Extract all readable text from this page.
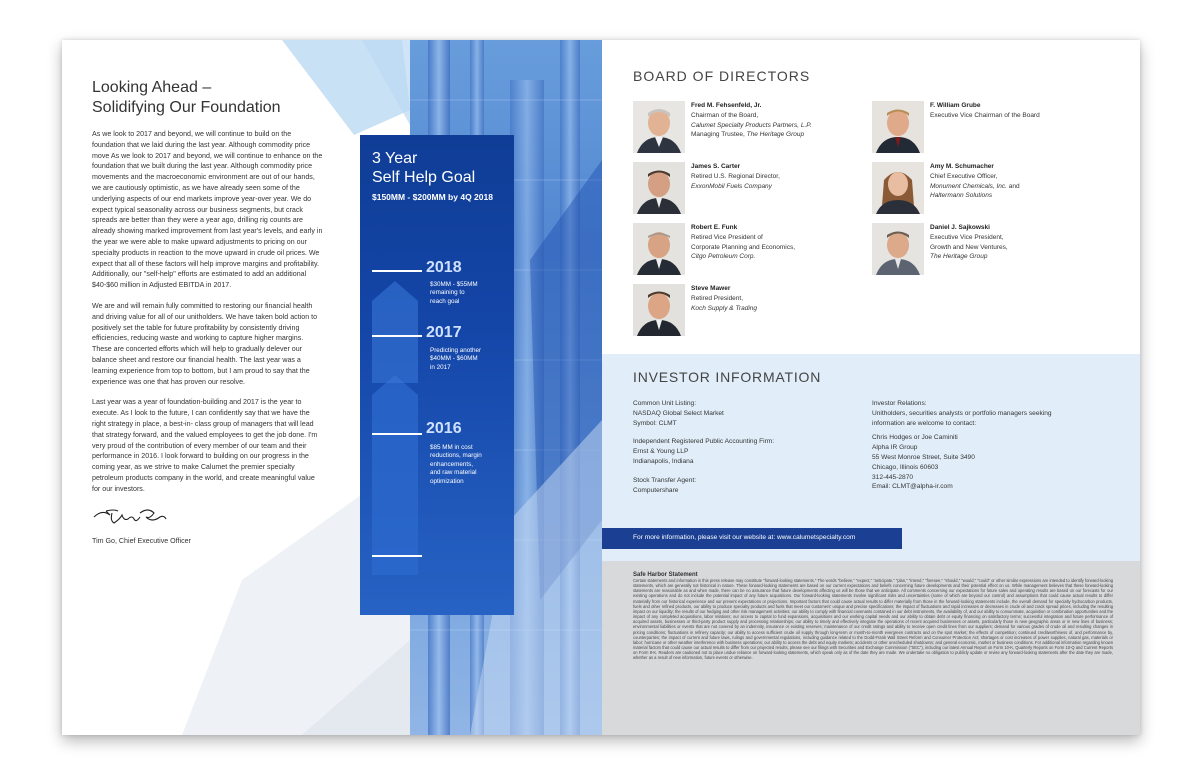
Looking Ahead –
Solidifying Our Foundation

As we look to 2017 and beyond, we will continue to build on the foundation that we laid during the last year. Although commodity price move As we look to 2017 and beyond, we will continue to enhance on the foundation that we built during the last year. Although commodity price movements and the macroeconomic environment are out of our hands, we are cautiously optimistic, as we have already seen some of the underlying aspects of our end markets improve year-over year. We do expect typical seasonality across our business segments, but crack spreads are better than they were a year ago, drilling rig counts are already showing marked improvement from last year's levels, and early in the year we were able to make upward adjustments to pricing on our specialty products in reaction to the move upward in crude oil prices. We expect that all of these factors will help improve margins and profitability. Additionally, our "self-help" efforts are estimated to add an additional $40-$60 million in Adjusted EBITDA in 2017.

We are and will remain fully committed to restoring our financial health and driving value for all of our unitholders. We have taken bold action to positively set the table for future profitability by consistently driving efficiencies, reducing waste and working to capture higher margins. These are concerted efforts which will help to gradually delever our balance sheet and restore our financial health. The last year was a learning experience from top to bottom, but I am proud to say that the experience was one that has proven our resolve.

Last year was a year of foundation-building and 2017 is the year to execute. As I look to the future, I can confidently say that we have the right strategy in place, a best-in- class group of managers that will lead that strategy forward, and the valued employees to get the job done. I'm very proud of the contribution of every member of our team and their performance in 2016. I look forward to building on our progress in the coming year, as we strive to make Calumet the premier specialty petroleum products company in the world, and create meaningful value for our investors.

Tim Go, Chief Executive Officer
3 Year
Self Help Goal
$150MM - $200MM by 4Q 2018
2018
$30MM - $55MM
remaining to
reach goal
2017
Predicting another
$40MM - $60MM
in 2017
2016
$85 MM in cost
reductions, margin
enhancements,
and raw material
optimization
BOARD OF DIRECTORS
Fred M. Fehsenfeld, Jr.
Chairman of the Board,
Calumet Specialty Products Partners, L.P.
Managing Trustee, The Heritage Group
F. William Grube
Executive Vice Chairman of the Board
James S. Carter
Retired U.S. Regional Director,
ExxonMobil Fuels Company
Amy M. Schumacher
Chief Executive Officer,
Monument Chemicals, Inc. and
Haltermann Solutions
Robert E. Funk
Retired Vice President of
Corporate Planning and Economics,
Citgo Petroleum Corp.
Daniel J. Sajkowski
Executive Vice President,
Growth and New Ventures,
The Heritage Group
Steve Mawer
Retired President,
Koch Supply & Trading
INVESTOR INFORMATION
Common Unit Listing:
NASDAQ Global Select Market
Symbol: CLMT
Independent Registered Public Accounting Firm:
Ernst & Young LLP
Indianapolis, Indiana
Stock Transfer Agent:
Computershare
Investor Relations:
Unitholders, securities analysts or portfolio managers seeking
information are welcome to contact:
Chris Hodges or Joe Caminiti
Alpha IR Group
55 West Monroe Street, Suite 3490
Chicago, Illinois 60603
312-445-2870
Email: CLMT@alpha-ir.com
For more information, please visit our website at: www.calumetspecialty.com
Safe Harbor Statement
Certain statements and information in this press release may constitute "forward-looking statements." The words "believe," "expect," "anticipate," "plan," "intend," "foresee," "should," "would," "could" or other similar expressions are intended to identify forward-looking statements, which are generally not historical in nature. These forward-looking statements are based on our current expectations and beliefs concerning future developments and their potential effect on us. While management believes that these forward-looking statements are reasonable as and when made, there can be no assurance that future developments affecting us will be those that we anticipate. All comments concerning our expectations for future sales and operating results are based on our forecasts for our existing operations and do not include the potential impact of any future acquisitions. Our forward-looking statements involve significant risks and uncertainties (some of which are beyond our control) and assumptions that could cause actual results to differ materially from our historical experience and our present expectations or projections. Important factors that could cause actual results to differ materially from those in the forward-looking statements include, the overall demand for specialty hydrocarbon products, fuels and other refined products, our ability to produce specialty products and fuels that meet our customers' unique and precise specifications; the impact of fluctuations and rapid increases or decreases in crude oil and crack spread prices, including the resulting impact on our liquidity; the results of our hedging and other risk management activities; our ability to comply with financial covenants contained in our debt instruments, the availability of, and our ability to consummate, acquisition or combination opportunities and the impact of any completed acquisitions, labor relations; our access to capital to fund expansions, acquisitions and our working capital needs and our ability to obtain debt or equity financing on satisfactory terms; successful integration and future performance of acquired assets, businesses or third-party product supply and processing relationships; our ability to timely and effectively integrate the operations of recent acquired businesses or assets, particularly those in new geographic areas or in new lines of business; environmental liabilities or events that are not covered by an indemnity, insurance or existing reserves; maintenance of our credit ratings and ability to receive open credit lines from our suppliers; demand for various grades of crude oil and resulting changes in pricing conditions; fluctuations in refinery capacity; our ability to access sufficient crude oil supply through long-term or month-to-month evergreen contracts and on the spot market; the effects of competition; continued creditworthiness of, and performance by, counterparties; the impact of current and future laws, rulings and governmental regulations, including guidance related to the Dodd-Frank Wall Street Reform and Consumer Protection Act; shortages or cost increases of power supplies, natural gas, materials or labor; hurricane or other weather interference with business operations; our ability to access the debt and equity markets; accidents or other unscheduled shutdowns; and general economic, market or business conditions. For additional information regarding known material factors that could cause our actual results to differ from our projected results, please see our filings with Securities and Exchange Commission ("SEC"), including our latest Annual Report on Form 10-K, Quarterly Reports on Form 10-Q and Current Reports on Form 8-K. Readers are cautioned not to place undue reliance on forward-looking statements, which speak only as of the date they are made. We undertake no obligation to publicly update or revise any forward-looking statements after the date they are made, whether as a result of new information, future events or otherwise.
